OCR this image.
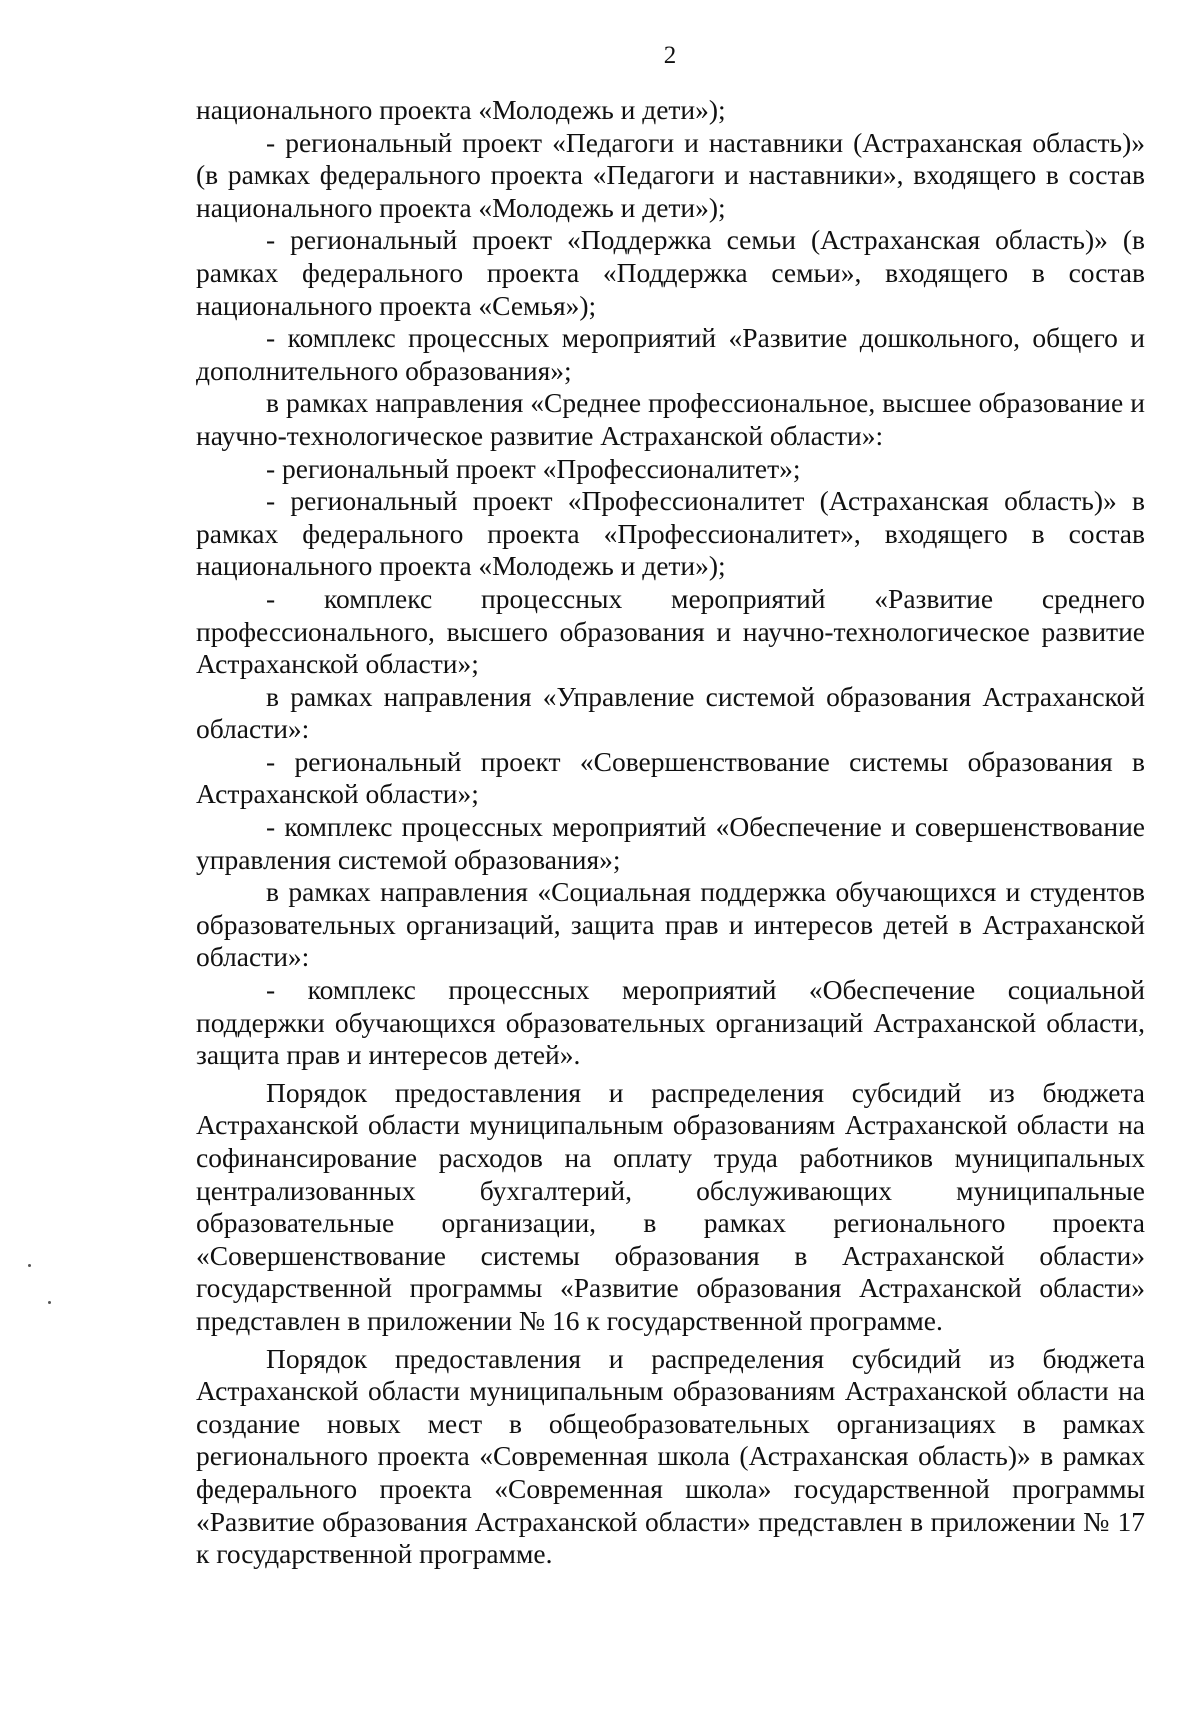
2

национального проекта «Молодежь и дети»);

- региональный проект «Педагоги и наставники (Астраханская область)» (в рамках федерального проекта «Педагоги и наставники», входящего в состав национального проекта «Молодежь и дети»);

- региональный проект «Поддержка семьи (Астраханская область)» (в рамках федерального проекта «Поддержка семьи», входящего в состав национального проекта «Семья»);

- комплекс процессных мероприятий «Развитие дошкольного, общего и дополнительного образования»;

в рамках направления «Среднее профессиональное, высшее образование и научно-технологическое развитие Астраханской области»:

- региональный проект «Профессионалитет»;

- региональный проект «Профессионалитет (Астраханская область)» в рамках федерального проекта «Профессионалитет», входящего в состав национального проекта «Молодежь и дети»);

- комплекс процессных мероприятий «Развитие среднего профессионального, высшего образования и научно-технологическое развитие Астраханской области»;

в рамках направления «Управление системой образования Астраханской области»:

- региональный проект «Совершенствование системы образования в Астраханской области»;

- комплекс процессных мероприятий «Обеспечение и совершенствование управления системой образования»;

в рамках направления «Социальная поддержка обучающихся и студентов образовательных организаций, защита прав и интересов детей в Астраханской области»:

- комплекс процессных мероприятий «Обеспечение социальной поддержки обучающихся образовательных организаций Астраханской области, защита прав и интересов детей».

Порядок предоставления и распределения субсидий из бюджета Астраханской области муниципальным образованиям Астраханской области на софинансирование расходов на оплату труда работников муниципальных централизованных бухгалтерий, обслуживающих муниципальные образовательные организации, в рамках регионального проекта «Совершенствование системы образования в Астраханской области» государственной программы «Развитие образования Астраханской области» представлен в приложении № 16 к государственной программе.

Порядок предоставления и распределения субсидий из бюджета Астраханской области муниципальным образованиям Астраханской области на создание новых мест в общеобразовательных организациях в рамках регионального проекта «Современная школа (Астраханская область)» в рамках федерального проекта «Современная школа» государственной программы «Развитие образования Астраханской области» представлен в приложении № 17 к государственной программе.
